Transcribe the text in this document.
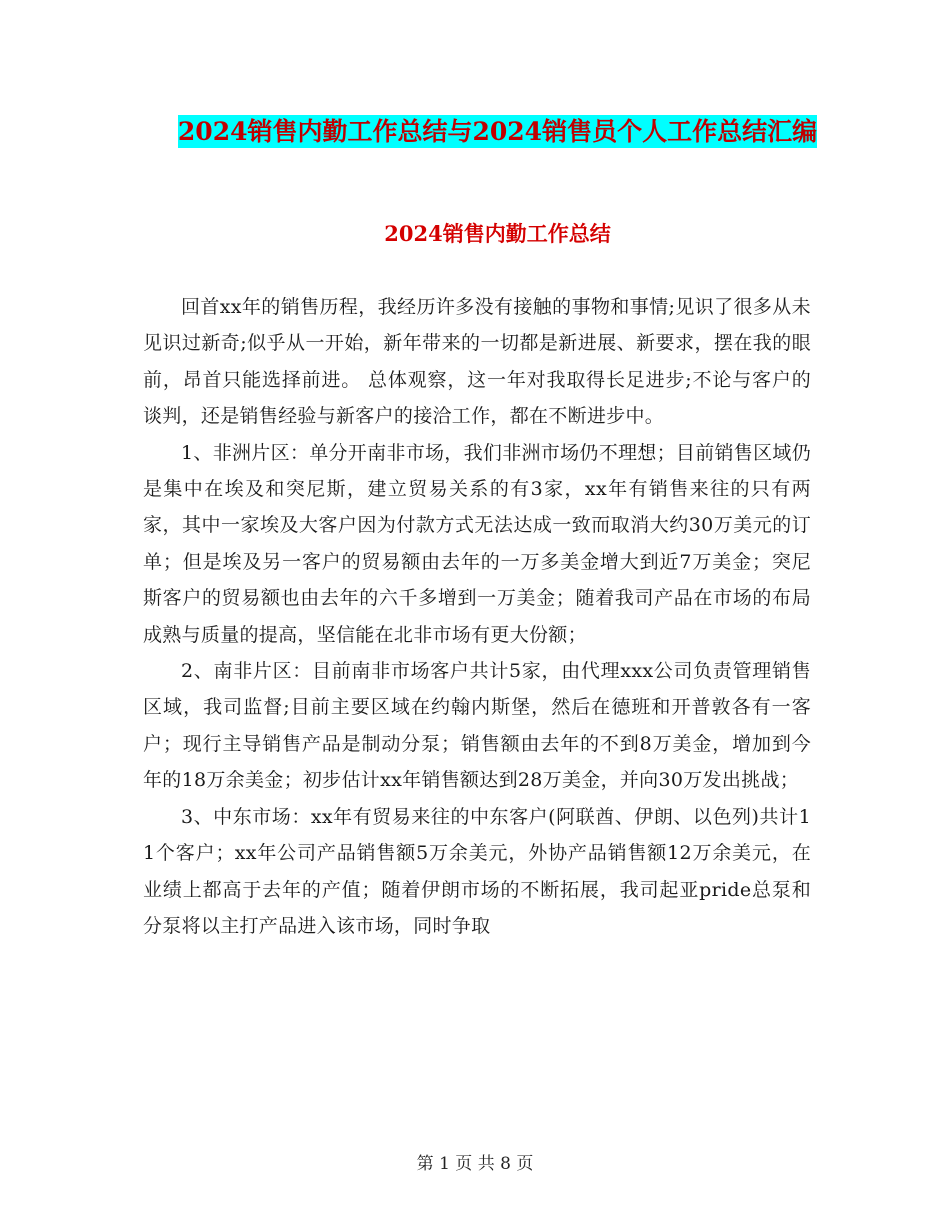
2024销售内勤工作总结与2024销售员个人工作总结汇编
2024销售内勤工作总结

回首xx年的销售历程，我经历许多没有接触的事物和事情;见识了很多从未见识过新奇;似乎从一开始，新年带来的一切都是新进展、新要求，摆在我的眼前，昂首只能选择前进。 总体观察，这一年对我取得长足进步;不论与客户的谈判，还是销售经验与新客户的接洽工作，都在不断进步中。

1、非洲片区：单分开南非市场，我们非洲市场仍不理想；目前销售区域仍是集中在埃及和突尼斯，建立贸易关系的有3家，xx年有销售来往的只有两家，其中一家埃及大客户因为付款方式无法达成一致而取消大约30万美元的订单；但是埃及另一客户的贸易额由去年的一万多美金增大到近7万美金；突尼斯客户的贸易额也由去年的六千多增到一万美金；随着我司产品在市场的布局成熟与质量的提高，坚信能在北非市场有更大份额；

2、南非片区：目前南非市场客户共计5家，由代理xxx公司负责管理销售区域，我司监督;目前主要区域在约翰内斯堡，然后在德班和开普敦各有一客户；现行主导销售产品是制动分泵；销售额由去年的不到8万美金，增加到今年的18万余美金；初步估计xx年销售额达到28万美金，并向30万发出挑战；

3、中东市场：xx年有贸易来往的中东客户(阿联酋、伊朗、以色列)共计11个客户；xx年公司产品销售额5万余美元，外协产品销售额12万余美元，在业绩上都高于去年的产值；随着伊朗市场的不断拓展，我司起亚pride总泵和分泵将以主打产品进入该市场，同时争取

第 1 页 共 8 页
